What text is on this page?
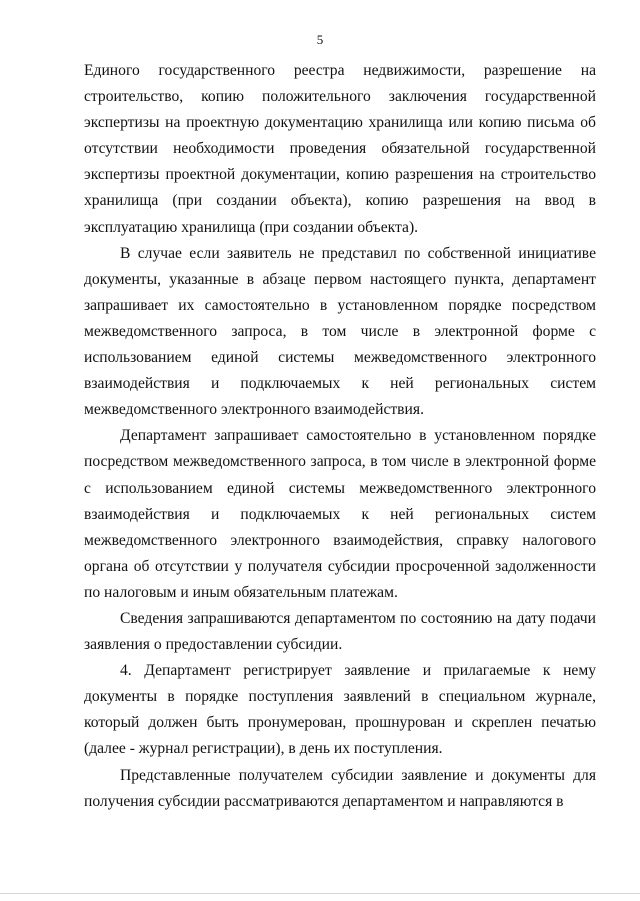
5

Единого государственного реестра недвижимости, разрешение на строительство, копию положительного заключения государственной экспертизы на проектную документацию хранилища или копию письма об отсутствии необходимости проведения обязательной государственной экспертизы проектной документации, копию разрешения на строительство хранилища (при создании объекта), копию разрешения на ввод в эксплуатацию хранилища (при создании объекта).

В случае если заявитель не представил по собственной инициативе документы, указанные в абзаце первом настоящего пункта, департамент запрашивает их самостоятельно в установленном порядке посредством межведомственного запроса, в том числе в электронной форме с использованием единой системы межведомственного электронного взаимодействия и подключаемых к ней региональных систем межведомственного электронного взаимодействия.

Департамент запрашивает самостоятельно в установленном порядке посредством межведомственного запроса, в том числе в электронной форме с использованием единой системы межведомственного электронного взаимодействия и подключаемых к ней региональных систем межведомственного электронного взаимодействия, справку налогового органа об отсутствии у получателя субсидии просроченной задолженности по налоговым и иным обязательным платежам.

Сведения запрашиваются департаментом по состоянию на дату подачи заявления о предоставлении субсидии.

4. Департамент регистрирует заявление и прилагаемые к нему документы в порядке поступления заявлений в специальном журнале, который должен быть пронумерован, прошнурован и скреплен печатью (далее - журнал регистрации), в день их поступления.

Представленные получателем субсидии заявление и документы для получения субсидии рассматриваются департаментом и направляются в
